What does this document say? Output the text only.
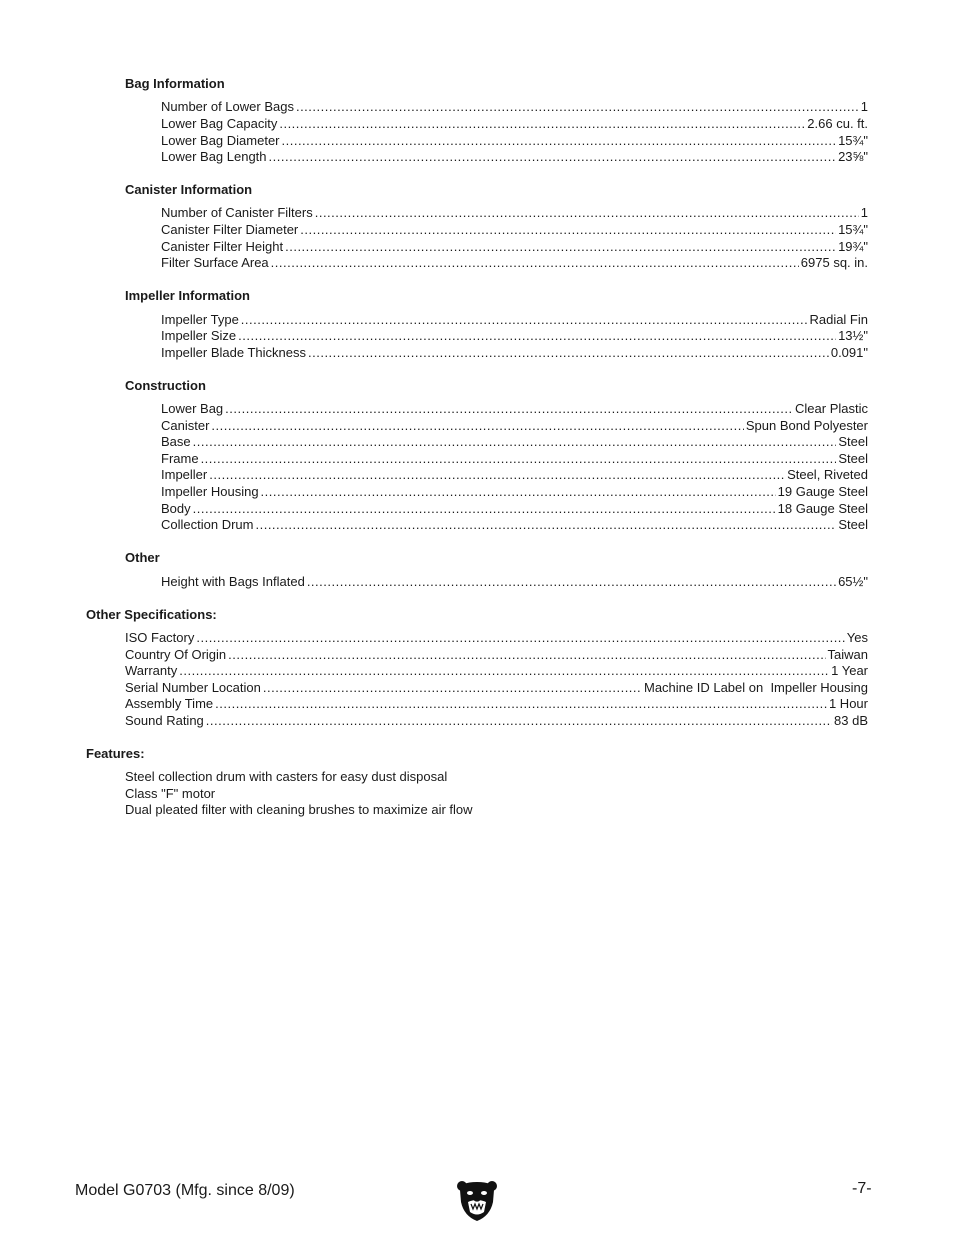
Bag Information
Number of Lower Bags .....	1
Lower Bag Capacity .....	2.66 cu. ft.
Lower Bag Diameter .....	15¾"
Lower Bag Length .....	23⅝"
Canister Information
Number of Canister Filters .....	1
Canister Filter Diameter .....	15¾"
Canister Filter Height .....	19¾"
Filter Surface Area .....	6975 sq. in.
Impeller Information
Impeller Type .....	Radial Fin
Impeller Size .....	13½"
Impeller Blade Thickness .....	0.091"
Construction
Lower Bag .....	Clear Plastic
Canister .....	Spun Bond Polyester
Base .....	Steel
Frame .....	Steel
Impeller .....	Steel, Riveted
Impeller Housing .....	19 Gauge Steel
Body .....	18 Gauge Steel
Collection Drum .....	Steel
Other
Height with Bags Inflated .....	65½"
Other Specifications:
ISO Factory .....	Yes
Country Of Origin .....	Taiwan
Warranty .....	1 Year
Serial Number Location .....	Machine ID Label on  Impeller Housing
Assembly Time .....	1 Hour
Sound Rating .....	83 dB
Features:
Steel collection drum with casters for easy dust disposal
Class "F" motor
Dual pleated filter with cleaning brushes to maximize air flow
Model G0703 (Mfg. since 8/09)	-7-
